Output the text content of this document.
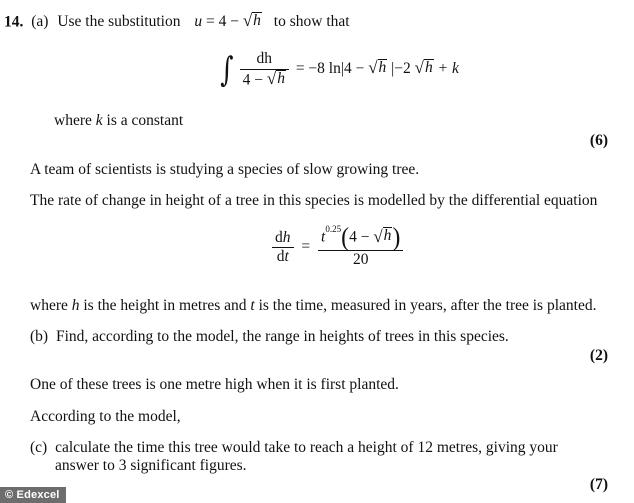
14. (a) Use the substitution u = 4 − √ h to show that
∫ $\frac{dh}{4 - √ h} = -8$ ln|4 − √ h |−2 √ h + k
where k is a constant
(6)
A team of scientists is studying a species of slow growing tree.
The rate of change in height of a tree in this species is modelled by the differential equation
$\frac{dh}{dt} = \frac{t^{0.25}(4 - √ h )}{20}$
where h is the height in metres and t is the time, measured in years, after the tree is planted.
(b) Find, according to the model, the range in heights of trees in this species.
(2)
One of these trees is one metre high when it is first planted.
According to the model,
(c) calculate the time this tree would take to reach a height of 12 metres, giving your
answer to 3 significant figures.
(7)
© Edexcel
